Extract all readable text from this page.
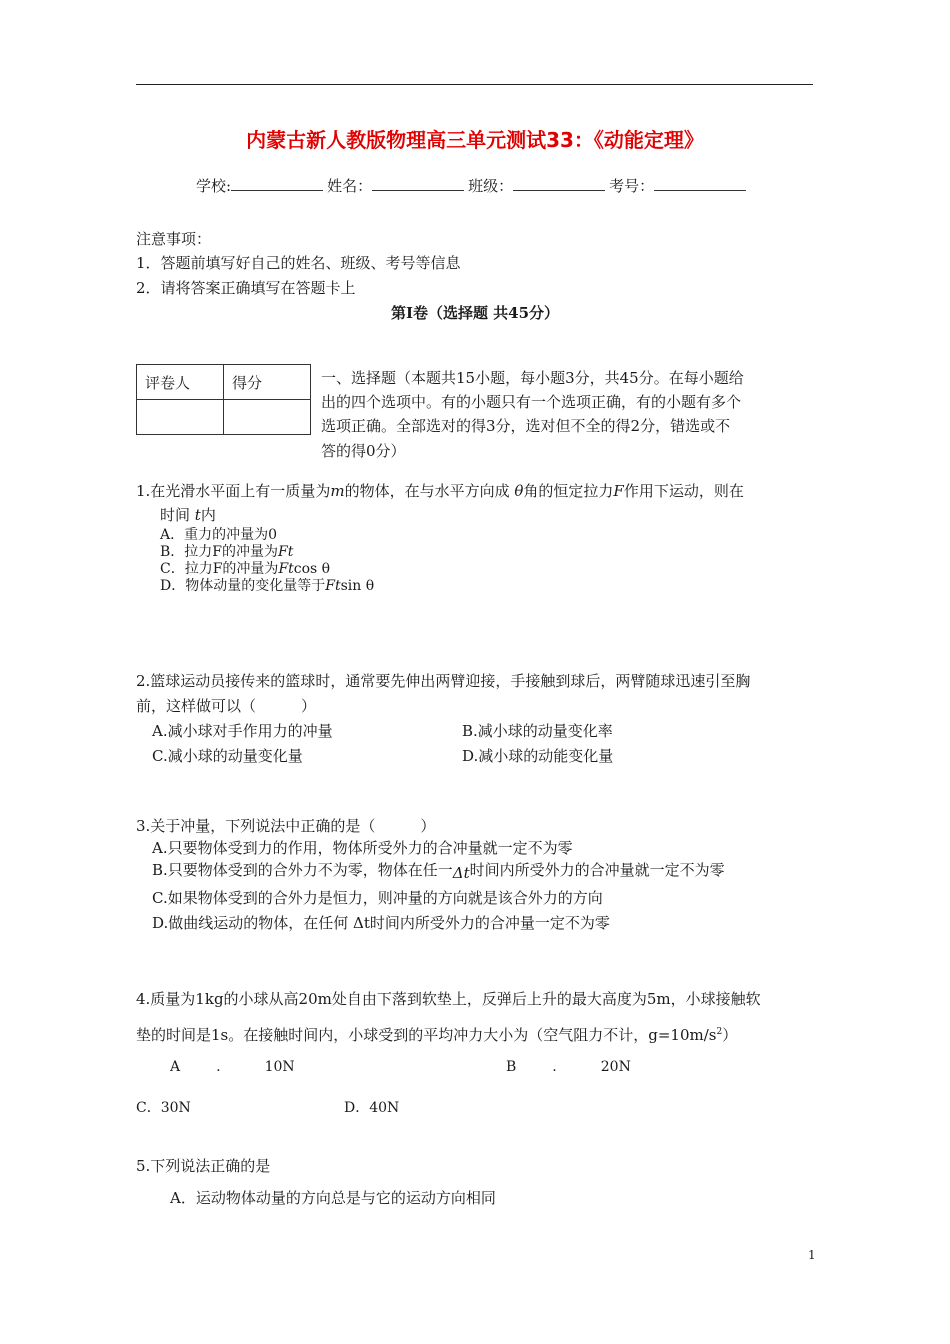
内蒙古新人教版物理高三单元测试33：《动能定理》
学校:	姓名：	班级：	考号：
注意事项：
1．答题前填写好自己的姓名、班级、考号等信息
2．请将答案正确填写在答题卡上
第Ⅰ卷（选择题 共45分）
评卷人	得分
		一、选择题（本题共15小题，每小题3分，共45分。在每小题给
出的四个选项中。有的小题只有一个选项正确，有的小题有多个
选项正确。全部选对的得3分，选对但不全的得2分，错选或不
答的得0分）
1.在光滑水平面上有一质量为m的物体，在与水平方向成 θ角的恒定拉力F作用下运动，则在
时间 t内
A．重力的冲量为0
B．拉力F的冲量为Ft
C．拉力F的冲量为Ftcos θ
D．物体动量的变化量等于Ftsin θ
2.篮球运动员接传来的篮球时，通常要先伸出两臂迎接，手接触到球后，两臂随球迅速引至胸
前，这样做可以（　　　）
A.减小球对手作用力的冲量	B.减小球的动量变化率
C.减小球的动量变化量	D.减小球的动能变化量
3.关于冲量，下列说法中正确的是（　　　）
A.只要物体受到力的作用，物体所受外力的合冲量就一定不为零
B.只要物体受到的合外力不为零，物体在任一Δt时间内所受外力的合冲量就一定不为零
C.如果物体受到的合外力是恒力，则冲量的方向就是该合外力的方向
D.做曲线运动的物体，在任何 Δt时间内所受外力的合冲量一定不为零
4.质量为1kg的小球从高20m处自由下落到软垫上，反弹后上升的最大高度为5m，小球接触软
垫的时间是1s。在接触时间内，小球受到的平均冲力大小为（空气阻力不计，$g=10m/s^2$）
A	.	10N	B	.	20N
C．30N	D．40N
5.下列说法正确的是
A．运动物体动量的方向总是与它的运动方向相同
1
